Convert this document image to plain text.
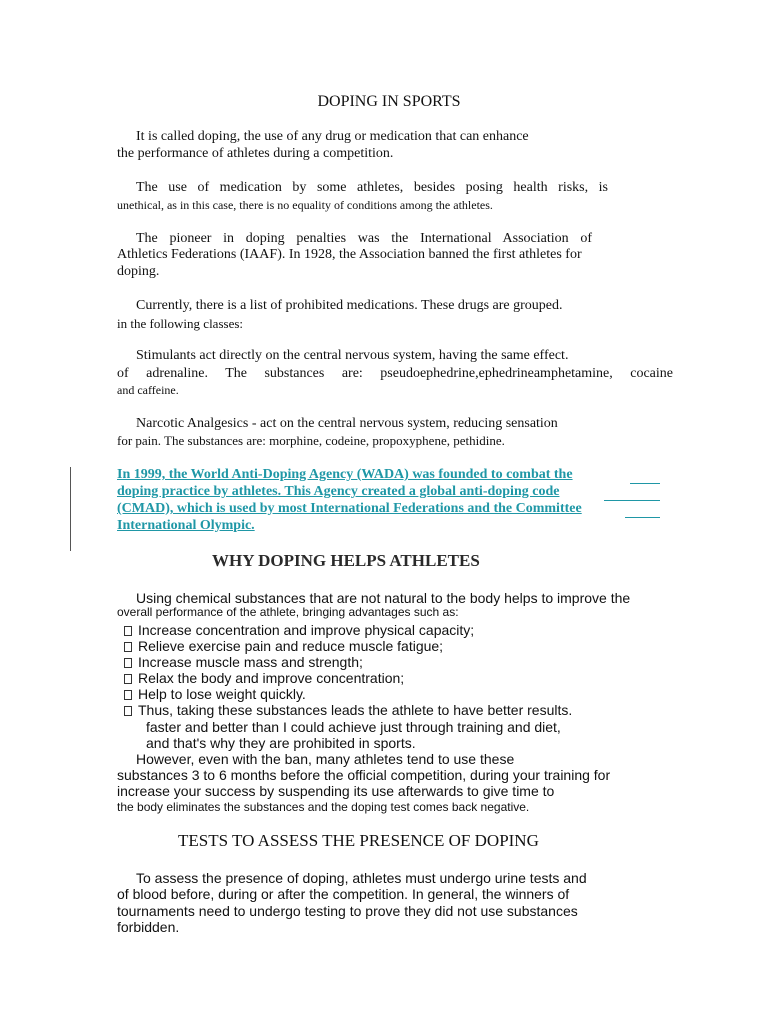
DOPING IN SPORTS
It is called doping, the use of any drug or medication that can enhance
the performance of athletes during a competition.
The use of medication by some athletes, besides posing health risks, is
unethical, as in this case, there is no equality of conditions among the athletes.
The pioneer in doping penalties was the International Association of
Athletics Federations (IAAF). In 1928, the Association banned the first athletes for
doping.
Currently, there is a list of prohibited medications. These drugs are grouped.
in the following classes:
Stimulants act directly on the central nervous system, having the same effect.
of adrenaline. The substances are: pseudoephedrine,ephedrineamphetamine, cocaine
and caffeine.
Narcotic Analgesics - act on the central nervous system, reducing sensation
for pain. The substances are: morphine, codeine, propoxyphene, pethidine.
In 1999, the World Anti-Doping Agency (WADA) was founded to combat the
doping practice by athletes. This Agency created a global anti-doping code
(CMAD), which is used by most International Federations and the Committee
International Olympic.
WHY DOPING HELPS ATHLETES
Using chemical substances that are not natural to the body helps to improve the
overall performance of the athlete, bringing advantages such as:
Increase concentration and improve physical capacity;
Relieve exercise pain and reduce muscle fatigue;
Increase muscle mass and strength;
Relax the body and improve concentration;
Help to lose weight quickly.
Thus, taking these substances leads the athlete to have better results.
faster and better than I could achieve just through training and diet,
and that's why they are prohibited in sports.
However, even with the ban, many athletes tend to use these
substances 3 to 6 months before the official competition, during your training for
increase your success by suspending its use afterwards to give time to
the body eliminates the substances and the doping test comes back negative.
TESTS TO ASSESS THE PRESENCE OF DOPING
To assess the presence of doping, athletes must undergo urine tests and
of blood before, during or after the competition. In general, the winners of
tournaments need to undergo testing to prove they did not use substances
forbidden.
